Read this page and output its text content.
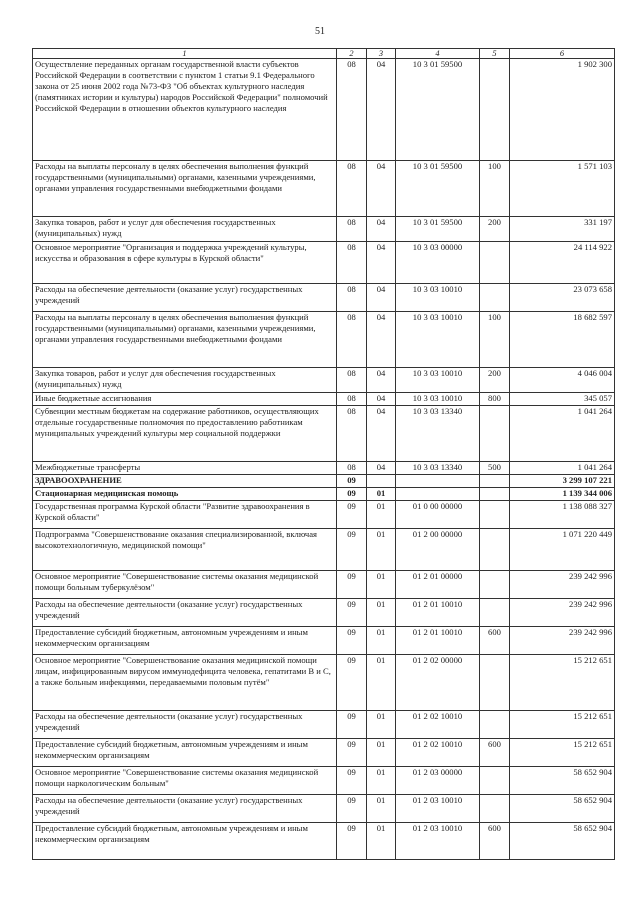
51
1	2	3	4	5	6
Осуществление переданных органам государственной власти субъектов Российской Федерации в соответствии с пунктом 1 статьи 9.1 Федерального закона от 25 июня 2002 года №73-ФЗ "Об объектах культурного наследия (памятниках истории и культуры) народов Российской Федерации" полномочий Российской Федерации в отношении объектов культурного наследия	08	04	10 3 01 59500		1 902 300
Расходы на выплаты персоналу в целях обеспечения выполнения функций государственными (муниципальными) органами, казенными учреждениями, органами управления государственными внебюджетными фондами	08	04	10 3 01 59500	100	1 571 103
Закупка товаров, работ и услуг для обеспечения государственных (муниципальных) нужд	08	04	10 3 01 59500	200	331 197
Основное мероприятие "Организация и поддержка учреждений культуры, искусства и образования в сфере культуры в Курской области"	08	04	10 3 03 00000		24 114 922
Расходы на обеспечение деятельности (оказание услуг) государственных учреждений	08	04	10 3 03 10010		23 073 658
Расходы на выплаты персоналу в целях обеспечения выполнения функций государственными (муниципальными) органами, казенными учреждениями, органами управления государственными внебюджетными фондами	08	04	10 3 03 10010	100	18 682 597
Закупка товаров, работ и услуг для обеспечения государственных (муниципальных) нужд	08	04	10 3 03 10010	200	4 046 004
Иные бюджетные ассигнования	08	04	10 3 03 10010	800	345 057
Субвенции местным бюджетам на содержание работников, осуществляющих отдельные государственные полномочия по предоставлению работникам муниципальных учреждений культуры мер социальной поддержки	08	04	10 3 03 13340		1 041 264
Межбюджетные трансферты	08	04	10 3 03 13340	500	1 041 264
ЗДРАВООХРАНЕНИЕ	09				3 299 107 221
Стационарная медицинская помощь	09	01			1 139 344 006
Государственная программа Курской области "Развитие здравоохранения в Курской области"	09	01	01 0 00 00000		1 138 088 327
Подпрограмма "Совершенствование оказания специализированной, включая высокотехнологичную, медицинской помощи"	09	01	01 2 00 00000		1 071 220 449
Основное мероприятие "Совершенствование системы оказания медицинской помощи больным туберкулёзом"	09	01	01 2 01 00000		239 242 996
Расходы на обеспечение деятельности (оказание услуг) государственных учреждений	09	01	01 2 01 10010		239 242 996
Предоставление субсидий бюджетным, автономным учреждениям и иным некоммерческим организациям	09	01	01 2 01 10010	600	239 242 996
Основное мероприятие "Совершенствование оказания медицинской помощи лицам, инфицированным вирусом иммунодефицита человека, гепатитами В и С, а также больным инфекциями, передаваемыми половым путём"	09	01	01 2 02 00000		15 212 651
Расходы на обеспечение деятельности (оказание услуг) государственных учреждений	09	01	01 2 02 10010		15 212 651
Предоставление субсидий бюджетным, автономным учреждениям и иным некоммерческим организациям	09	01	01 2 02 10010	600	15 212 651
Основное мероприятие "Совершенствование системы оказания медицинской помощи наркологическим больным"	09	01	01 2 03 00000		58 652 904
Расходы на обеспечение деятельности (оказание услуг) государственных учреждений	09	01	01 2 03 10010		58 652 904
Предоставление субсидий бюджетным, автономным учреждениям и иным некоммерческим организациям	09	01	01 2 03 10010	600	58 652 904
